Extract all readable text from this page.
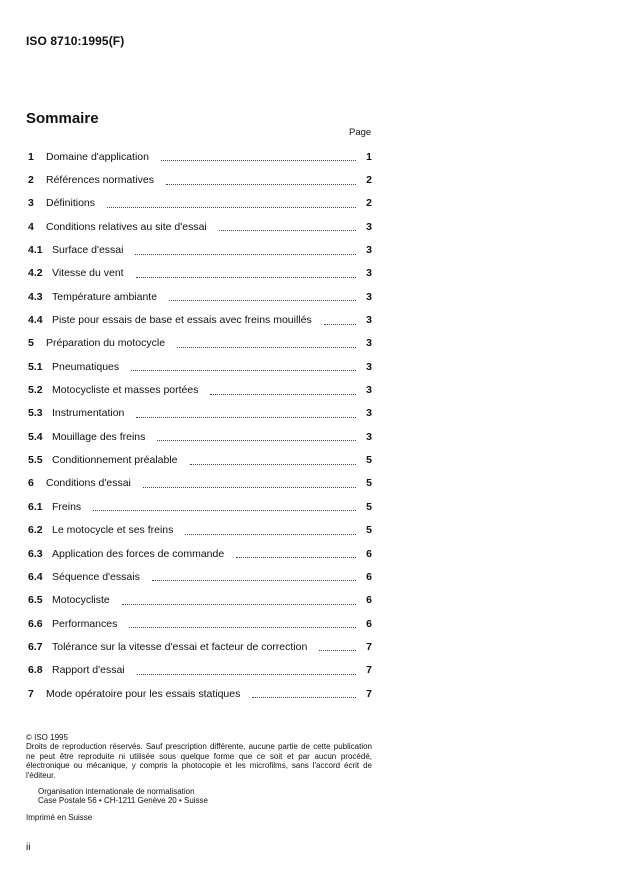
ISO 8710:1995(F)
Sommaire
Page
1	Domaine d'application	1
2	Références normatives	2
3	Définitions	2
4	Conditions relatives au site d'essai	3
4.1 Surface d'essai	3
4.2 Vitesse du vent	3
4.3 Température ambiante	3
4.4 Piste pour essais de base et essais avec freins mouillés	3
5	Préparation du motocycle	3
5.1 Pneumatiques	3
5.2 Motocycliste et masses portées	3
5.3 Instrumentation	3
5.4 Mouillage des freins	3
5.5 Conditionnement préalable	5
6	Conditions d'essai	5
6.1 Freins	5
6.2 Le motocycle et ses freins	5
6.3 Application des forces de commande	6
6.4 Séquence d'essais	6
6.5 Motocycliste	6
6.6 Performances	6
6.7 Tolérance sur la vitesse d'essai et facteur de correction	7
6.8 Rapport d'essai	7
7	Mode opératoire pour les essais statiques	7

© ISO 1995

Droits de reproduction réservés. Sauf prescription différente, aucune partie de cette publication ne peut être reproduite ni utilisée sous quelque forme que ce soit et par aucun procédé, électronique ou mécanique, y compris la photocopie et les microfilms, sans l'accord écrit de l'éditeur.

Organisation internationale de normalisation

Case Postale 56 • CH-1211 Genève 20 • Suisse

Imprimé en Suisse

ii
